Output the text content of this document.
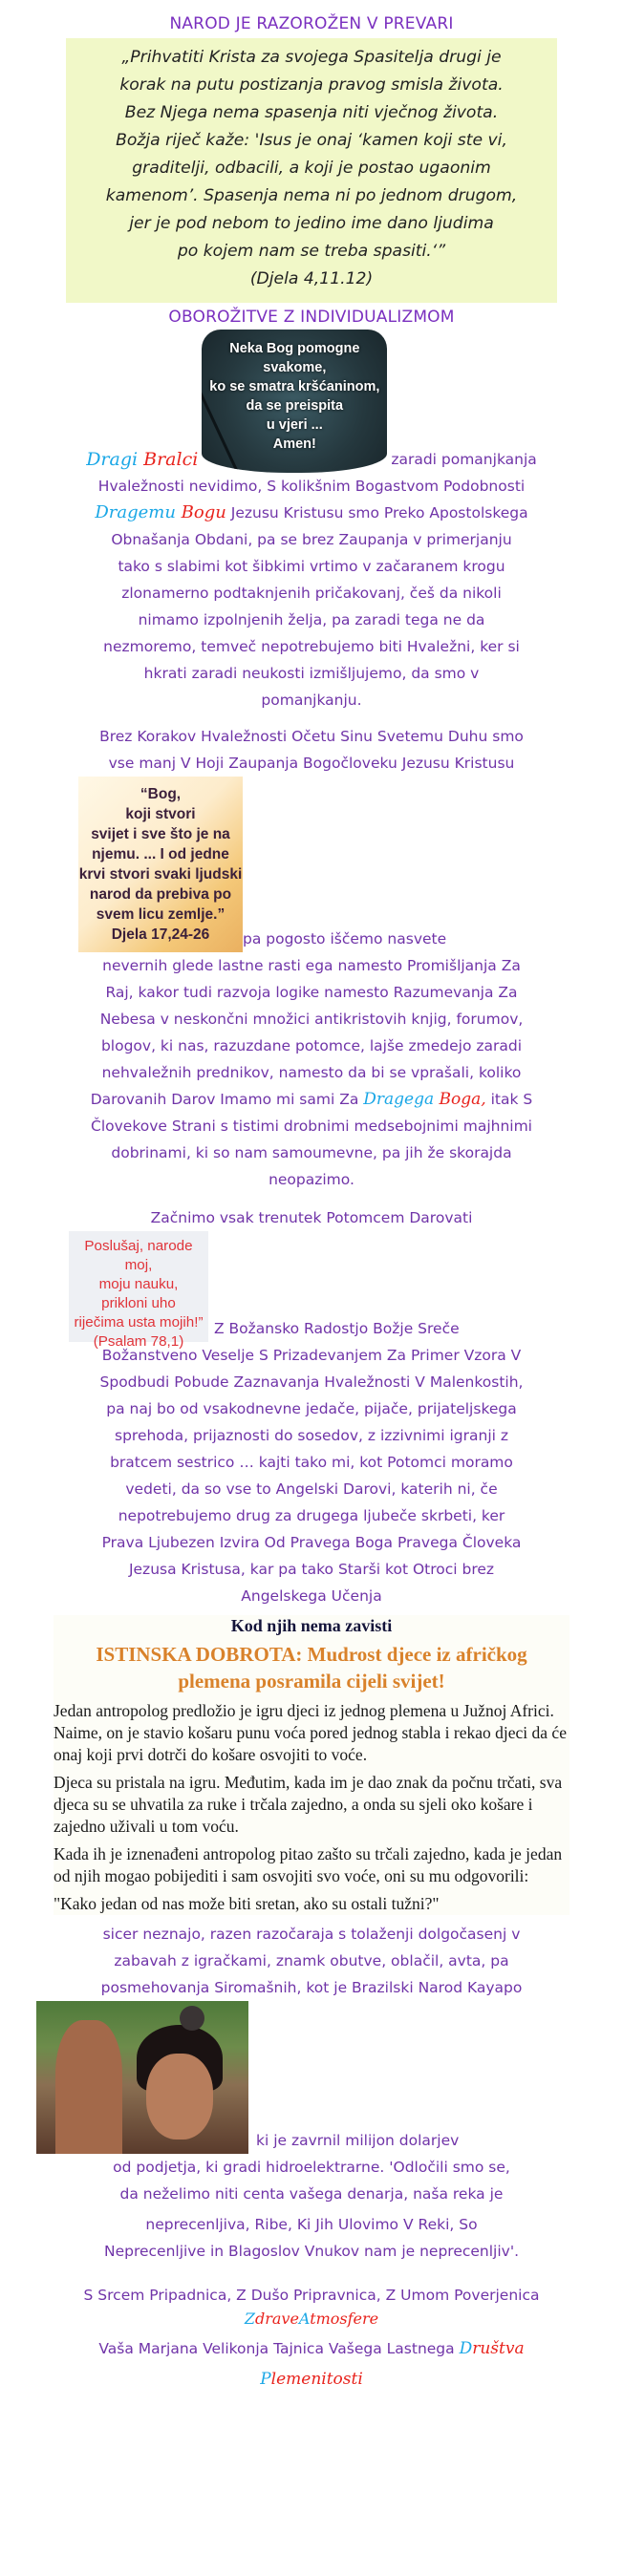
NAROD JE RAZOROŽEN V PREVARI
„Prihvatiti Krista za svojega Spasitelja drugi je
korak na putu postizanja pravog smisla života.
Bez Njega nema spasenja niti vječnog života.
Božja riječ kaže: 'Isus je onaj ‘kamen koji ste vi,
graditelji, odbacili, a koji je postao ugaonim
kamenom’. Spasenja nema ni po jednom drugom,
jer je pod nebom to jedino ime dano ljudima
po kojem nam se treba spasiti.‘”
(Djela 4,11.12)
OBOROŽITVE Z INDIVIDUALIZMOM
Dragi Bralci
Neka Bog pomogne
svakome,
ko se smatra kršćaninom,
da se preispita
u vjeri ...
Amen!
zaradi pomanjkanja
Hvaležnosti nevidimo, S kolikšnim Bogastvom Podobnosti
Dragemu Bogu Jezusu Kristusu smo Preko Apostolskega
Obnašanja Obdani, pa se brez Zaupanja v primerjanju
tako s slabimi kot šibkimi vrtimo v začaranem krogu
zlonamerno podtaknjenih pričakovanj, češ da nikoli
nimamo izpolnjenih želja, pa zaradi tega ne da
nezmoremo, temveč nepotrebujemo biti Hvaležni, ker si
hkrati zaradi neukosti izmišljujemo, da smo v
pomanjkanju.
Brez Korakov Hvaležnosti Očetu Sinu Svetemu Duhu smo
vse manj V Hoji Zaupanja Bogočloveku Jezusu Kristusu
“Bog,
koji stvori
svijet i sve što je na
njemu. ... I od jedne
krvi stvori svaki ljudski
narod da prebiva po
svem licu zemlje.”
Djela 17,24-26	pa pogosto iščemo nasvete
nevernih glede lastne rasti ega namesto Promišljanja Za
Raj, kakor tudi razvoja logike namesto Razumevanja Za
Nebesa v neskončni množici antikristovih knjig, forumov,
blogov, ki nas, razuzdane potomce, lajše zmedejo zaradi
nehvaležnih prednikov, namesto da bi se vprašali, koliko
Darovanih Darov Imamo mi sami Za Dragega Boga, itak S
Človekove Strani s tistimi drobnimi medsebojnimi majhnimi
dobrinami, ki so nam samoumevne, pa jih že skorajda
neopazimo.
Začnimo vsak trenutek Potomcem Darovati
Poslušaj, narode moj,
moju nauku,
prikloni uho
riječima usta mojih!”
(Psalam 78,1)
Z Božansko Radostjo Božje Sreče
Božanstveno Veselje S Prizadevanjem Za Primer Vzora V
Spodbudi Pobude Zaznavanja Hvaležnosti V Malenkostih,
pa naj bo od vsakodnevne jedače, pijače, prijateljskega
sprehoda, prijaznosti do sosedov, z izzivnimi igranji z
bratcem sestrico … kajti tako mi, kot Potomci moramo
vedeti, da so vse to Angelski Darovi, katerih ni, če
nepotrebujemo drug za drugega ljubeče skrbeti, ker
Prava Ljubezen Izvira Od Pravega Boga Pravega Človeka
Jezusa Kristusa, kar pa tako Starši kot Otroci brez
Angelskega Učenja
Kod njih nema zavisti
ISTINSKA DOBROTA: Mudrost djece iz afričkog
plemena posramila cijeli svijet!

Jedan antropolog predložio je igru djeci iz jednog plemena u Južnoj Africi. Naime, on je stavio košaru punu voća pored jednog stabla i rekao djeci da će onaj koji prvi dotrči do košare osvojiti to voće.

Djeca su pristala na igru. Međutim, kada im je dao znak da počnu trčati, sva djeca su se uhvatila za ruke i trčala zajedno, a onda su sjeli oko košare i zajedno uživali u tom voću.

Kada ih je iznenađeni antropolog pitao zašto su trčali zajedno, kada je jedan od njih mogao pobijediti i sam osvojiti svo voće, oni su mu odgovorili:

"Kako jedan od nas može biti sretan, ako su ostali tužni?"

sicer neznajo, razen razočaraja s tolaženji dolgočasenj v
zabavah z igračkami, znamk obutve, oblačil, avta, pa
posmehovanja Siromašnih, kot je Brazilski Narod Kayapo
ki je zavrnil milijon dolarjev
od podjetja, ki gradi hidroelektrarne. 'Odločili smo se,
da neželimo niti centa vašega denarja, naša reka je
neprecenljiva, Ribe, Ki Jih Ulovimo V Reki, So
Neprecenljive in Blagoslov Vnukov nam je neprecenljiv'.
S Srcem Pripadnica, Z Dušo Pripravnica, Z Umom Poverjenica
ZdraveAtmosfere
Vaša Marjana Velikonja Tajnica Vašega Lastnega Društva
Plemenitosti
